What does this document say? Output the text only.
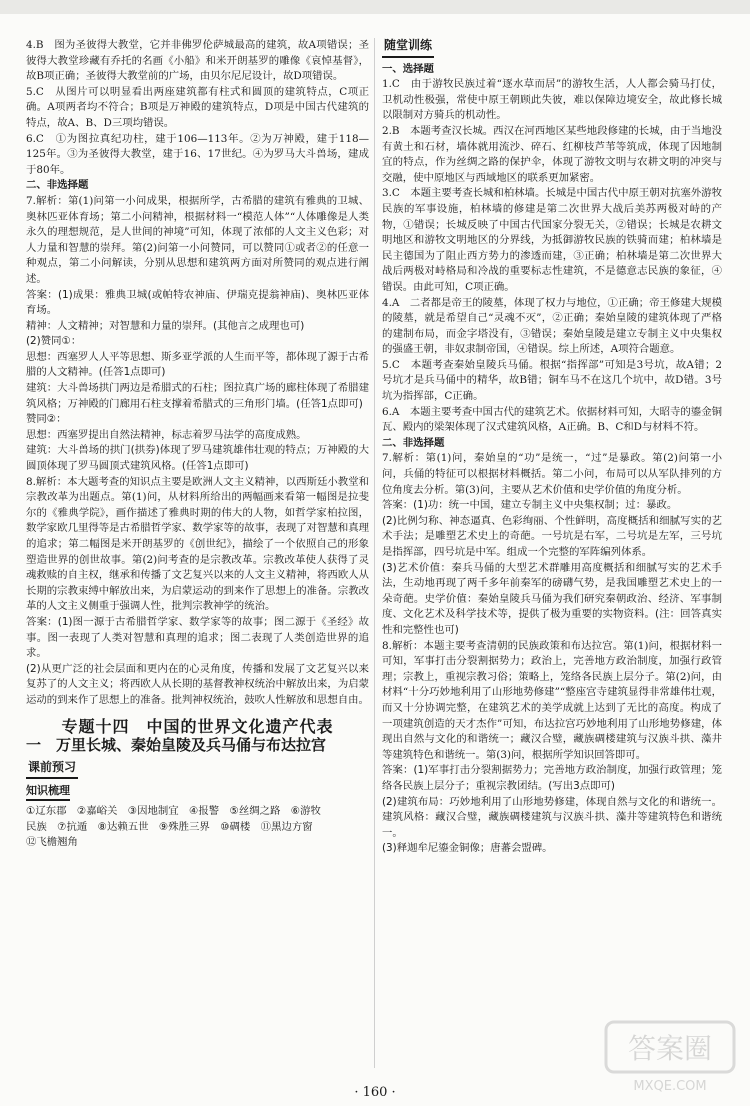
4.B　图为圣彼得大教堂，它并非佛罗伦萨城最高的建筑，故A项错误；圣彼得大教堂珍藏有乔托的名画《小船》和米开朗基罗的雕像《哀悼基督》，故B项正确；圣彼得大教堂前的广场，由贝尔尼尼设计，故D项错误。

5.C　从图片可以明显看出两座建筑都有柱式和圆顶的建筑特点，C项正确。A项两者均不符合；B项是万神殿的建筑特点，D项是中国古代建筑的特点，故A、B、D三项均错误。

6.C　①为图拉真纪功柱，建于106—113年。②为万神殿，建于118—125年。③为圣彼得大教堂，建于16、17世纪。④为罗马大斗兽场，建成于80年。

二、非选择题

7.解析：第(1)问第一小问成果，根据所学，古希腊的建筑有雅典的卫城、奥林匹亚体育场；第二小问精神，根据材料一“模范人体”“人体雕像是人类永久的理想规范，是人世间的神境”可知，体现了浓郁的人文主义色彩；对人力量和智慧的崇拜。第(2)问第一小问赞同，可以赞同①或者②的任意一种观点，第二小问解读，分别从思想和建筑两方面对所赞同的观点进行阐述。

答案：(1)成果：雅典卫城(或帕特农神庙、伊瑞克提翁神庙)、奥林匹亚体育场。

精神：人文精神；对智慧和力量的崇拜。(其他言之成理也可)

(2)赞同①：

思想：西塞罗人人平等思想、斯多亚学派的人生而平等，都体现了源于古希腊的人文精神。(任答1点即可)

建筑：大斗兽场拱门两边是希腊式的石柱；图拉真广场的廊柱体现了希腊建筑风格；万神殿的门廊用石柱支撑着希腊式的三角形门墙。(任答1点即可)

赞同②：

思想：西塞罗提出自然法精神，标志着罗马法学的高度成熟。

建筑：大斗兽场的拱门(拱券)体现了罗马建筑雄伟壮观的特点；万神殿的大圆顶体现了罗马圆顶式建筑风格。(任答1点即可)

8.解析：本大题考查的知识点主要是欧洲人文主义精神，以西斯廷小教堂和宗教改革为出题点。第(1)问，从材料所给出的两幅画来看第一幅图是拉斐尔的《雅典学院》，画作描述了雅典时期的伟大的人物，如哲学家柏拉图，数学家欧几里得等是古希腊哲学家、数学家等的故事，表现了对智慧和真理的追求；第二幅图是米开朗基罗的《创世纪》，描绘了一个依照自己的形象塑造世界的创世故事。第(2)问考查的是宗教改革。宗教改革使人获得了灵魂救赎的自主权，继承和传播了文艺复兴以来的人文主义精神，将西欧人从长期的宗教束缚中解放出来，为启蒙运动的到来作了思想上的准备。宗教改革的人文主义侧重于强调人性，批判宗教神学的统治。

答案：(1)图一源于古希腊哲学家、数学家等的故事；图二源于《圣经》故事。图一表现了人类对智慧和真理的追求；图二表现了人类创造世界的追求。

(2)从更广泛的社会层面和更内在的心灵角度，传播和发展了文艺复兴以来复苏了的人文主义；将西欧人从长期的基督教神权统治中解放出来，为启蒙运动的到来作了思想上的准备。批判神权统治，鼓吹人性解放和思想自由。

专题十四　中国的世界文化遗产代表
一　万里长城、秦始皇陵及兵马俑与布达拉宫
课前预习
知识梳理
①辽东郡　②嘉峪关　③因地制宜　④报警　⑤丝绸之路　⑥游牧
民族　⑦抗遁　⑧达赖五世　⑨殊胜三界　⑩碉楼　⑪黑边方窗
⑫飞檐翘角
随堂训练

一、选择题

1.C　由于游牧民族过着“逐水草而居”的游牧生活，人人都会骑马打仗，卫机动性极强，常使中原王朝顾此失彼，难以保障边境安全，故此修长城以限制对方骑兵的机动性。

2.B　本题考查汉长城。西汉在河西地区某些地段修建的长城，由于当地没有黄土和石材，墙体就用流沙、碎石、红柳枝芦苇等筑成，体现了因地制宜的特点，作为丝绸之路的保护伞，体现了游牧文明与农耕文明的冲突与交融，使中原地区与西域地区的联系更加紧密。

3.C　本题主要考查长城和柏林墙。长城是中国古代中原王朝对抗塞外游牧民族的军事设施，柏林墙的修建是第二次世界大战后美苏两极对峙的产物，①错误；长城反映了中国古代国家分裂无关，②错误；长城是农耕文明地区和游牧文明地区的分界线，为抵御游牧民族的铁骑而建；柏林墙是民主德国为了阻止西方势力的渗透而建，③正确；柏林墙是第二次世界大战后两极对峙格局和冷战的重要标志性建筑，不是德意志民族的象征，④错误。由此可知，C项正确。

4.A　二者都是帝王的陵墓，体现了权力与地位，①正确；帝王修建大规模的陵墓，就是希望自己“灵魂不灭”，②正确；秦始皇陵的建筑体现了严格的建制布局，而金字塔没有，③错误；秦始皇陵是建立专制主义中央集权的强盛王朝，非奴隶制帝国，④错误。综上所述，A项符合题意。

5.C　本题考查秦始皇陵兵马俑。根据“指挥部”可知是3号坑，故A错；2号坑才是兵马俑中的精华，故B错；铜车马不在这几个坑中，故D错。3号坑为指挥部，C正确。

6.A　本题主要考查中国古代的建筑艺术。依据材料可知，大昭寺的鎏金铜瓦、殿内的梁架体现了汉式建筑风格，A正确。B、C和D与材料不符。

二、非选择题

7.解析：第(1)问，秦始皇的“功”是统一，“过”是暴政。第(2)问第一小问，兵俑的特征可以根据材料概括。第二小问，布局可以从军队排列的方位角度去分析。第(3)问，主要从艺术价值和史学价值的角度分析。

答案：(1)功：统一中国，建立专制主义中央集权制；过：暴政。

(2)比例匀称、神态逼真、色彩绚丽、个性鲜明，高度概括和细腻写实的艺术手法；是雕塑艺术史上的奇葩。一号坑是右军，二号坑是左军，三号坑是指挥部，四号坑是中军。组成一个完整的军阵编列体系。

(3)艺术价值：秦兵马俑的大型艺术群雕用高度概括和细腻写实的艺术手法，生动地再现了两千多年前秦军的磅礴气势，是我国雕塑艺术史上的一朵奇葩。史学价值：秦始皇陵兵马俑为我们研究秦朝政治、经济、军事制度、文化艺术及科学技术等，提供了极为重要的实物资料。(注：回答真实性和完整性也可)

8.解析：本题主要考查清朝的民族政策和布达拉宫。第(1)问，根据材料一可知，军事打击分裂割据势力；政治上，完善地方政治制度，加强行政管理；宗教上，重视宗教习俗；策略上，笼络各民族上层分子。第(2)问，由材料“十分巧妙地利用了山形地势修建”“整座宫寺建筑显得非常雄伟壮观，而又十分协调完整，在建筑艺术的美学成就上达到了无比的高度。构成了一项建筑创造的天才杰作”可知，布达拉宫巧妙地利用了山形地势修建，体现出自然与文化的和谐统一；藏汉合璧，藏族碉楼建筑与汉族斗拱、藻井等建筑特色和谐统一。第(3)问，根据所学知识回答即可。

答案：(1)军事打击分裂割据势力；完善地方政治制度，加强行政管理；笼络各民族上层分子；重视宗教团结。(写出3点即可)

(2)建筑布局：巧妙地利用了山形地势修建，体现自然与文化的和谐统一。建筑风格：藏汉合璧，藏族碉楼建筑与汉族斗拱、藻井等建筑特色和谐统一。

(3)释迦牟尼鎏金铜像；唐蕃会盟碑。

· 160 ·
答案圈
MXQE.COM
